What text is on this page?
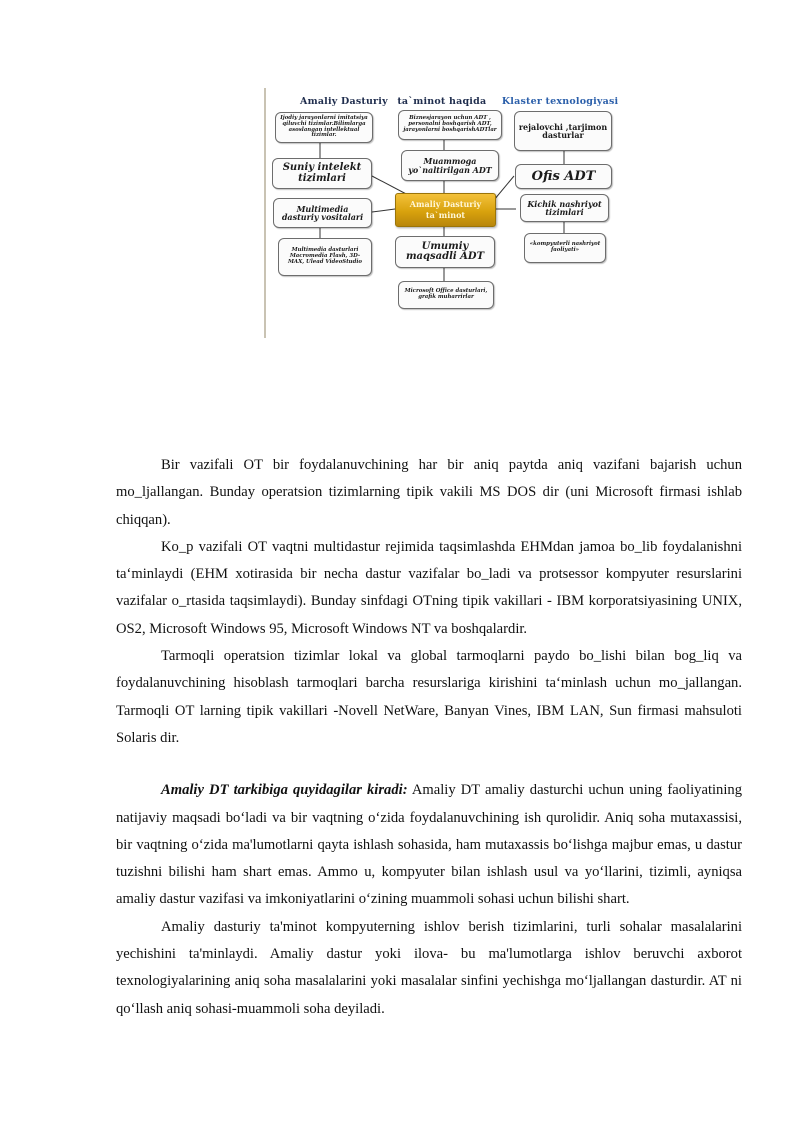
Amaliy Dasturiy ta`minot haqida Klaster texnologiyasi
Ijodiy jarayonlarni imitatsiya qiluvchi tizimlar.Bilimlarga asoslangan intellektual tizimlar.
Suniy intelekt tizimlari
Multimedia dasturiy vositalari
Multimedia dasturlari Macromedia Flash, 3D-MAX, Ulead VideoStudio
Biznesjarayon uchun ADT , personalni boshqarish ADT, jarayonlarni boshqarishADTlar
Muammoga yo`naltirilgan ADT
Amaliy Dasturiy ta`minot
Umumiy maqsadli ADT
Microsoft Office dasturlari, grafik muharrirlar
rejalovchi ,tarjimon dasturlar
Ofis ADT
Kichik nashriyot tizimlari
«kompyuterli nashriyot faoliyati»

Bir vazifali OT bir foydalanuvchining har bir aniq paytda aniq vazifani bajarish uchun mo_ljallangan. Bunday operatsion tizimlarning tipik vakili MS DOS dir (uni Microsoft firmasi ishlab chiqqan).

Ko_p vazifali OT vaqtni multidastur rejimida taqsimlashda EHMdan jamoa bo_lib foydalanishni ta‘minlaydi (EHM xotirasida bir necha dastur vazifalar bo_ladi va protsessor kompyuter resurslarini vazifalar o_rtasida taqsimlaydi). Bunday sinfdagi OTning tipik vakillari - IBM korporatsiyasining UNIX, OS2, Microsoft Windows 95, Microsoft Windows NT va boshqalardir.

Tarmoqli operatsion tizimlar lokal va global tarmoqlarni paydo bo_lishi bilan bog_liq va foydalanuvchining hisoblash tarmoqlari barcha resurslariga kirishini ta‘minlash uchun mo_jallangan. Tarmoqli OT larning tipik vakillari -Novell NetWare, Banyan Vines, IBM LAN, Sun firmasi mahsuloti Solaris dir.

Amaliy DT tarkibiga quyidagilar kiradi: Amaliy DT amaliy dasturchi uchun uning faoliyatining natijaviy maqsadi bo‘ladi va bir vaqtning o‘zida foydalanuvchining ish qurolidir. Aniq soha mutaxassisi, bir vaqtning o‘zida ma'lumotlarni qayta ishlash sohasida, ham mutaxassis bo‘lishga majbur emas, u dastur tuzishni bilishi ham shart emas. Ammo u, kompyuter bilan ishlash usul va yo‘llarini, tizimli, ayniqsa amaliy dastur vazifasi va imkoniyatlarini o‘zining muammoli sohasi uchun bilishi shart.

Amaliy dasturiy ta'minot kompyuterning ishlov berish tizimlarini, turli sohalar masalalarini yechishini ta'minlaydi. Amaliy dastur yoki ilova- bu ma'lumotlarga ishlov beruvchi axborot texnologiyalarining aniq soha masalalarini yoki masalalar sinfini yechishga mo‘ljallangan dasturdir. AT ni qo‘llash aniq sohasi-muammoli soha deyiladi.
